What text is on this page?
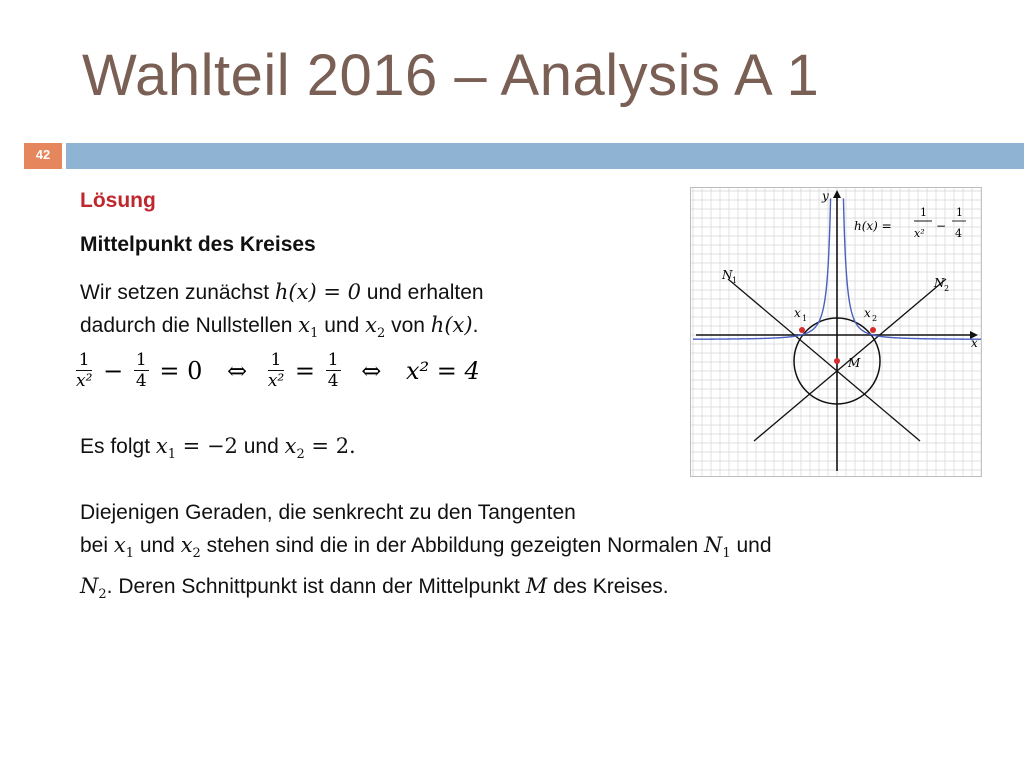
Wahlteil 2016 – Analysis A 1
42
Lösung
Mittelpunkt des Kreises
Wir setzen zunächst h(x) = 0 und erhalten
dadurch die Nullstellen $x_1$ und $x_2$ von h(x).
$\frac{1}{\text{x²}} - \frac{1}{4} = 0$ ⇔ $\frac{1}{\text{x²}} = \frac{1}{4}$ ⇔ x² = 4
Es folgt $x_1 = -2$ und $x_2 = 2$.
Diejenigen Geraden, die senkrecht zu den Tangenten
bei $x_1$ und $x_2$ stehen sind die in der Abbildung gezeigten Normalen $N_1$ und
$N_2$. Deren Schnittpunkt ist dann der Mittelpunkt M des Kreises.
y
x
h(x) =
1
x²
−
1
4
N 1	N 2
x 1	x 2
M
